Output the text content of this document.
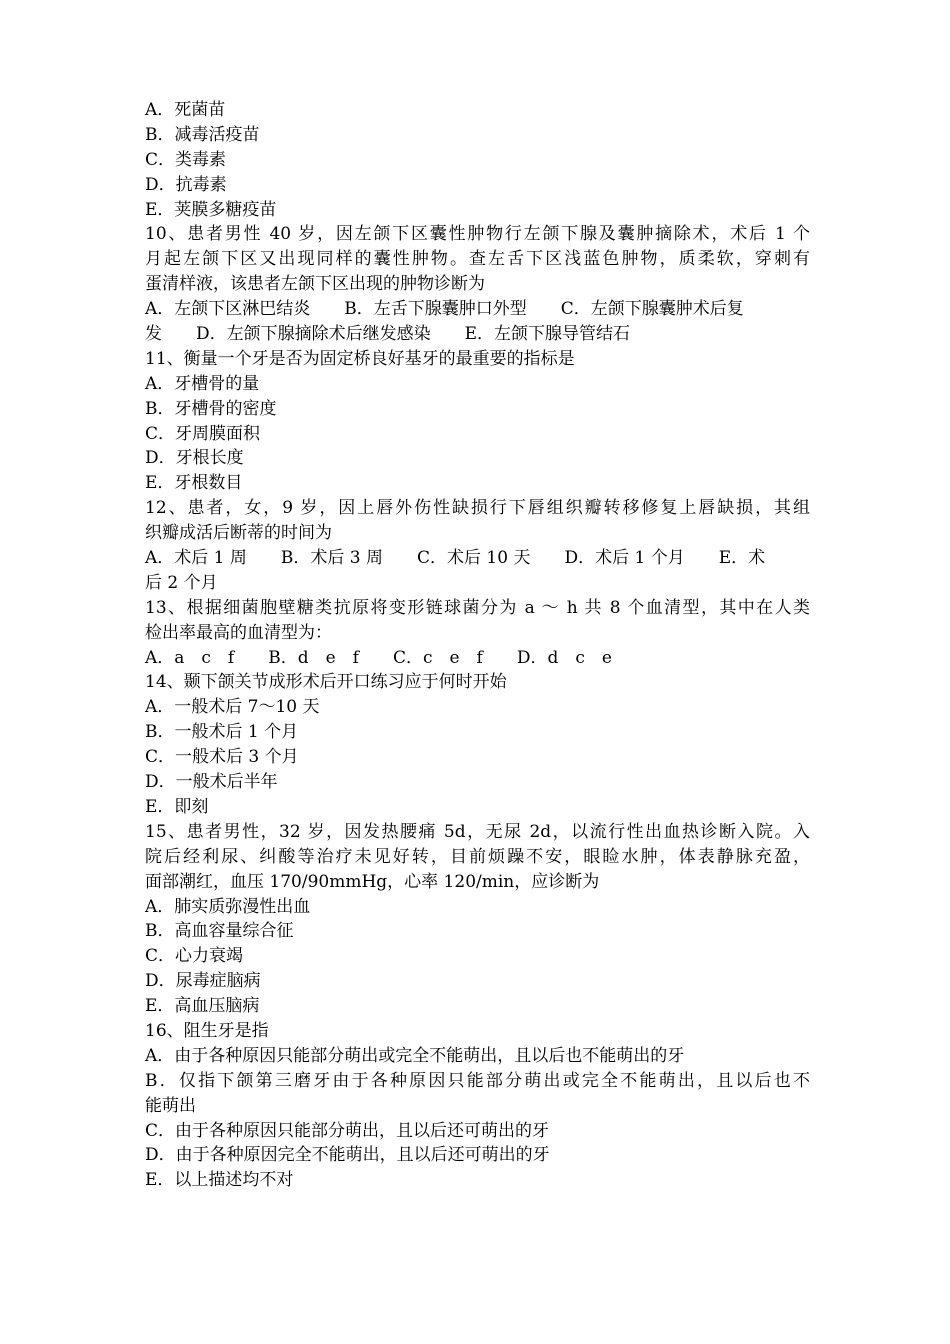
A．死菌苗
B．减毒活疫苗
C．类毒素
D．抗毒素
E．荚膜多糖疫苗
10、患者男性 40 岁，因左颌下区囊性肿物行左颌下腺及囊肿摘除术，术后 1 个
月起左颌下区又出现同样的囊性肿物。查左舌下区浅蓝色肿物，质柔软，穿刺有
蛋清样液，该患者左颌下区出现的肿物诊断为
A．左颌下区淋巴结炎　　B．左舌下腺囊肿口外型　　C．左颌下腺囊肿术后复
发　　D．左颌下腺摘除术后继发感染　　E．左颌下腺导管结石
11、衡量一个牙是否为固定桥良好基牙的最重要的指标是
A．牙槽骨的量
B．牙槽骨的密度
C．牙周膜面积
D．牙根长度
E．牙根数目
12、患者，女，9 岁，因上唇外伤性缺损行下唇组织瓣转移修复上唇缺损，其组
织瓣成活后断蒂的时间为
A．术后 1 周　　B．术后 3 周　　C．术后 10 天　　D．术后 1 个月　　E．术
后 2 个月
13、根据细菌胞壁糖类抗原将变形链球菌分为 a ～ h 共 8 个血清型，其中在人类
检出率最高的血清型为：
A．a　c　f　　B．d　e　f　　C．c　e　f　　D．d　c　e
14、颞下颌关节成形术后开口练习应于何时开始
A．一般术后 7～10 天
B．一般术后 1 个月
C．一般术后 3 个月
D．一般术后半年
E．即刻
15、患者男性，32 岁，因发热腰痛 5d，无尿 2d，以流行性出血热诊断入院。入
院后经利尿、纠酸等治疗未见好转，目前烦躁不安，眼睑水肿，体表静脉充盈，
面部潮红，血压 170/90mmHg，心率 120/min，应诊断为
A．肺实质弥漫性出血
B．高血容量综合征
C．心力衰竭
D．尿毒症脑病
E．高血压脑病
16、阻生牙是指
A．由于各种原因只能部分萌出或完全不能萌出，且以后也不能萌出的牙
B．仅指下颌第三磨牙由于各种原因只能部分萌出或完全不能萌出，且以后也不
能萌出
C．由于各种原因只能部分萌出，且以后还可萌出的牙
D．由于各种原因完全不能萌出，且以后还可萌出的牙
E．以上描述均不对
